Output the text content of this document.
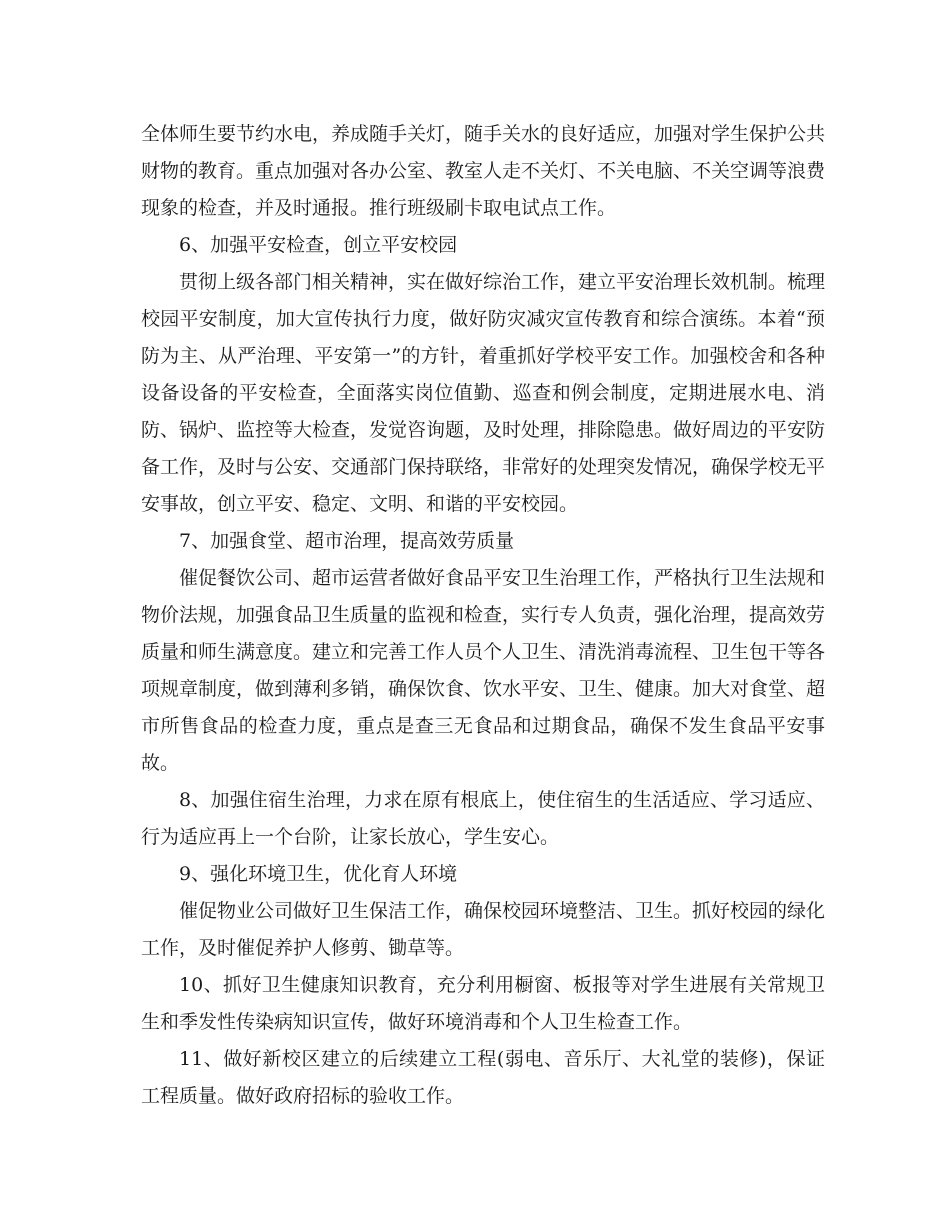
全体师生要节约水电，养成随手关灯，随手关水的良好适应，加强对学生保护公共财物的教育。重点加强对各办公室、教室人走不关灯、不关电脑、不关空调等浪费现象的检查，并及时通报。推行班级刷卡取电试点工作。

6、加强平安检查，创立平安校园

贯彻上级各部门相关精神，实在做好综治工作，建立平安治理长效机制。梳理校园平安制度，加大宣传执行力度，做好防灾减灾宣传教育和综合演练。本着“预防为主、从严治理、平安第一”的方针，着重抓好学校平安工作。加强校舍和各种设备设备的平安检查，全面落实岗位值勤、巡查和例会制度，定期进展水电、消防、锅炉、监控等大检查，发觉咨询题，及时处理，排除隐患。做好周边的平安防备工作，及时与公安、交通部门保持联络，非常好的处理突发情况，确保学校无平安事故，创立平安、稳定、文明、和谐的平安校园。

7、加强食堂、超市治理，提高效劳质量

催促餐饮公司、超市运营者做好食品平安卫生治理工作，严格执行卫生法规和物价法规，加强食品卫生质量的监视和检查，实行专人负责，强化治理，提高效劳质量和师生满意度。建立和完善工作人员个人卫生、清洗消毒流程、卫生包干等各项规章制度，做到薄利多销，确保饮食、饮水平安、卫生、健康。加大对食堂、超市所售食品的检查力度，重点是查三无食品和过期食品，确保不发生食品平安事故。

8、加强住宿生治理，力求在原有根底上，使住宿生的生活适应、学习适应、行为适应再上一个台阶，让家长放心，学生安心。

9、强化环境卫生，优化育人环境

催促物业公司做好卫生保洁工作，确保校园环境整洁、卫生。抓好校园的绿化工作，及时催促养护人修剪、锄草等。

10、抓好卫生健康知识教育，充分利用橱窗、板报等对学生进展有关常规卫生和季发性传染病知识宣传，做好环境消毒和个人卫生检查工作。

11、做好新校区建立的后续建立工程(弱电、音乐厅、大礼堂的装修)，保证工程质量。做好政府招标的验收工作。
